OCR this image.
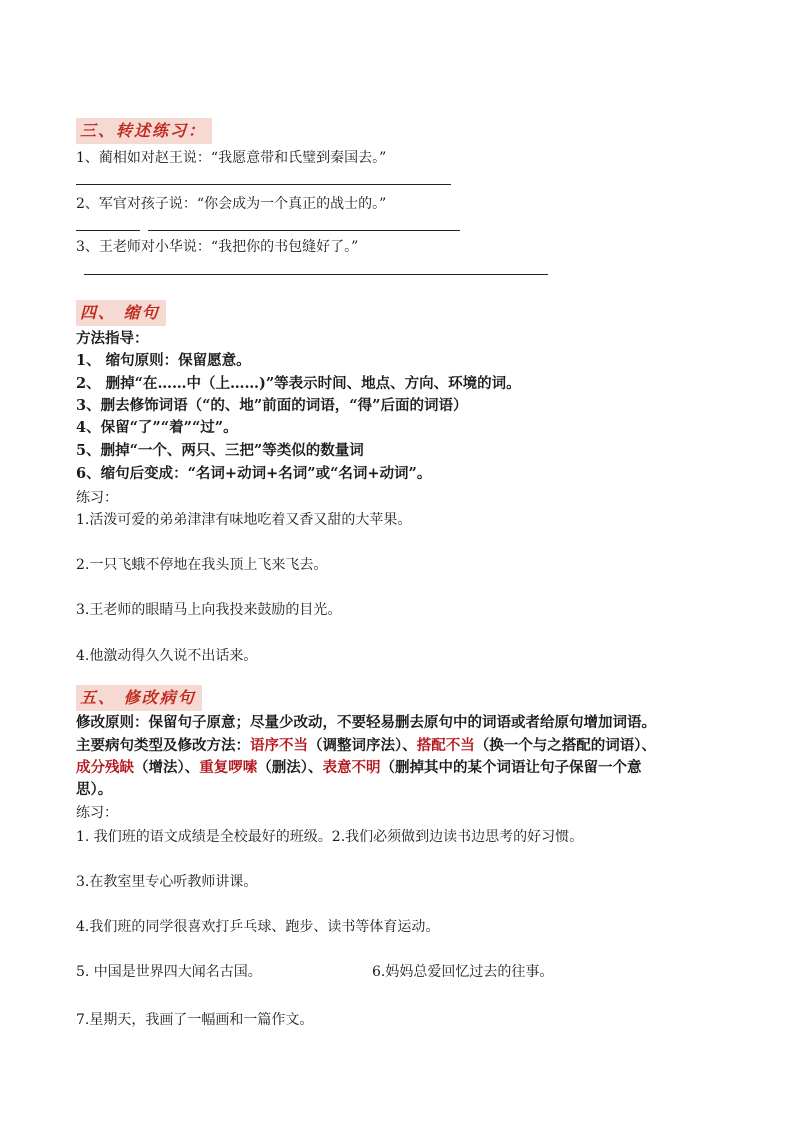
三、转述练习：
1、蔺相如对赵王说：“我愿意带和氏璧到秦国去。”
2、军官对孩子说：“你会成为一个真正的战士的。”
3、王老师对小华说：“我把你的书包缝好了。”
四、 缩句
方法指导：
1、 缩句原则：保留愿意。
2、 删掉“在……中（上……)”等表示时间、地点、方向、环境的词。
3、删去修饰词语（“的、地”前面的词语，“得”后面的词语）
4、保留“了”“着”“过”。
5、删掉“一个、两只、三把”等类似的数量词
6、缩句后变成：“名词+动词+名词”或“名词+动词”。
练习：
1.活泼可爱的弟弟津津有味地吃着又香又甜的大苹果。
2.一只飞蛾不停地在我头顶上飞来飞去。
3.王老师的眼睛马上向我投来鼓励的目光。
4.他激动得久久说不出话来。
五、 修改病句
修改原则：保留句子原意；尽量少改动，不要轻易删去原句中的词语或者给原句增加词语。
主要病句类型及修改方法：语序不当（调整词序法）、搭配不当（换一个与之搭配的词语）、
成分残缺（增法）、重复啰嗦（删法）、表意不明（删掉其中的某个词语让句子保留一个意
思）。
练习：
1. 我们班的语文成绩是全校最好的班级。2.我们必须做到边读书边思考的好习惯。
3.在教室里专心听教师讲课。
4.我们班的同学很喜欢打乒乓球、跑步、读书等体育运动。
5. 中国是世界四大闻名古国。	6.妈妈总爱回忆过去的往事。
7.星期天，我画了一幅画和一篇作文。
